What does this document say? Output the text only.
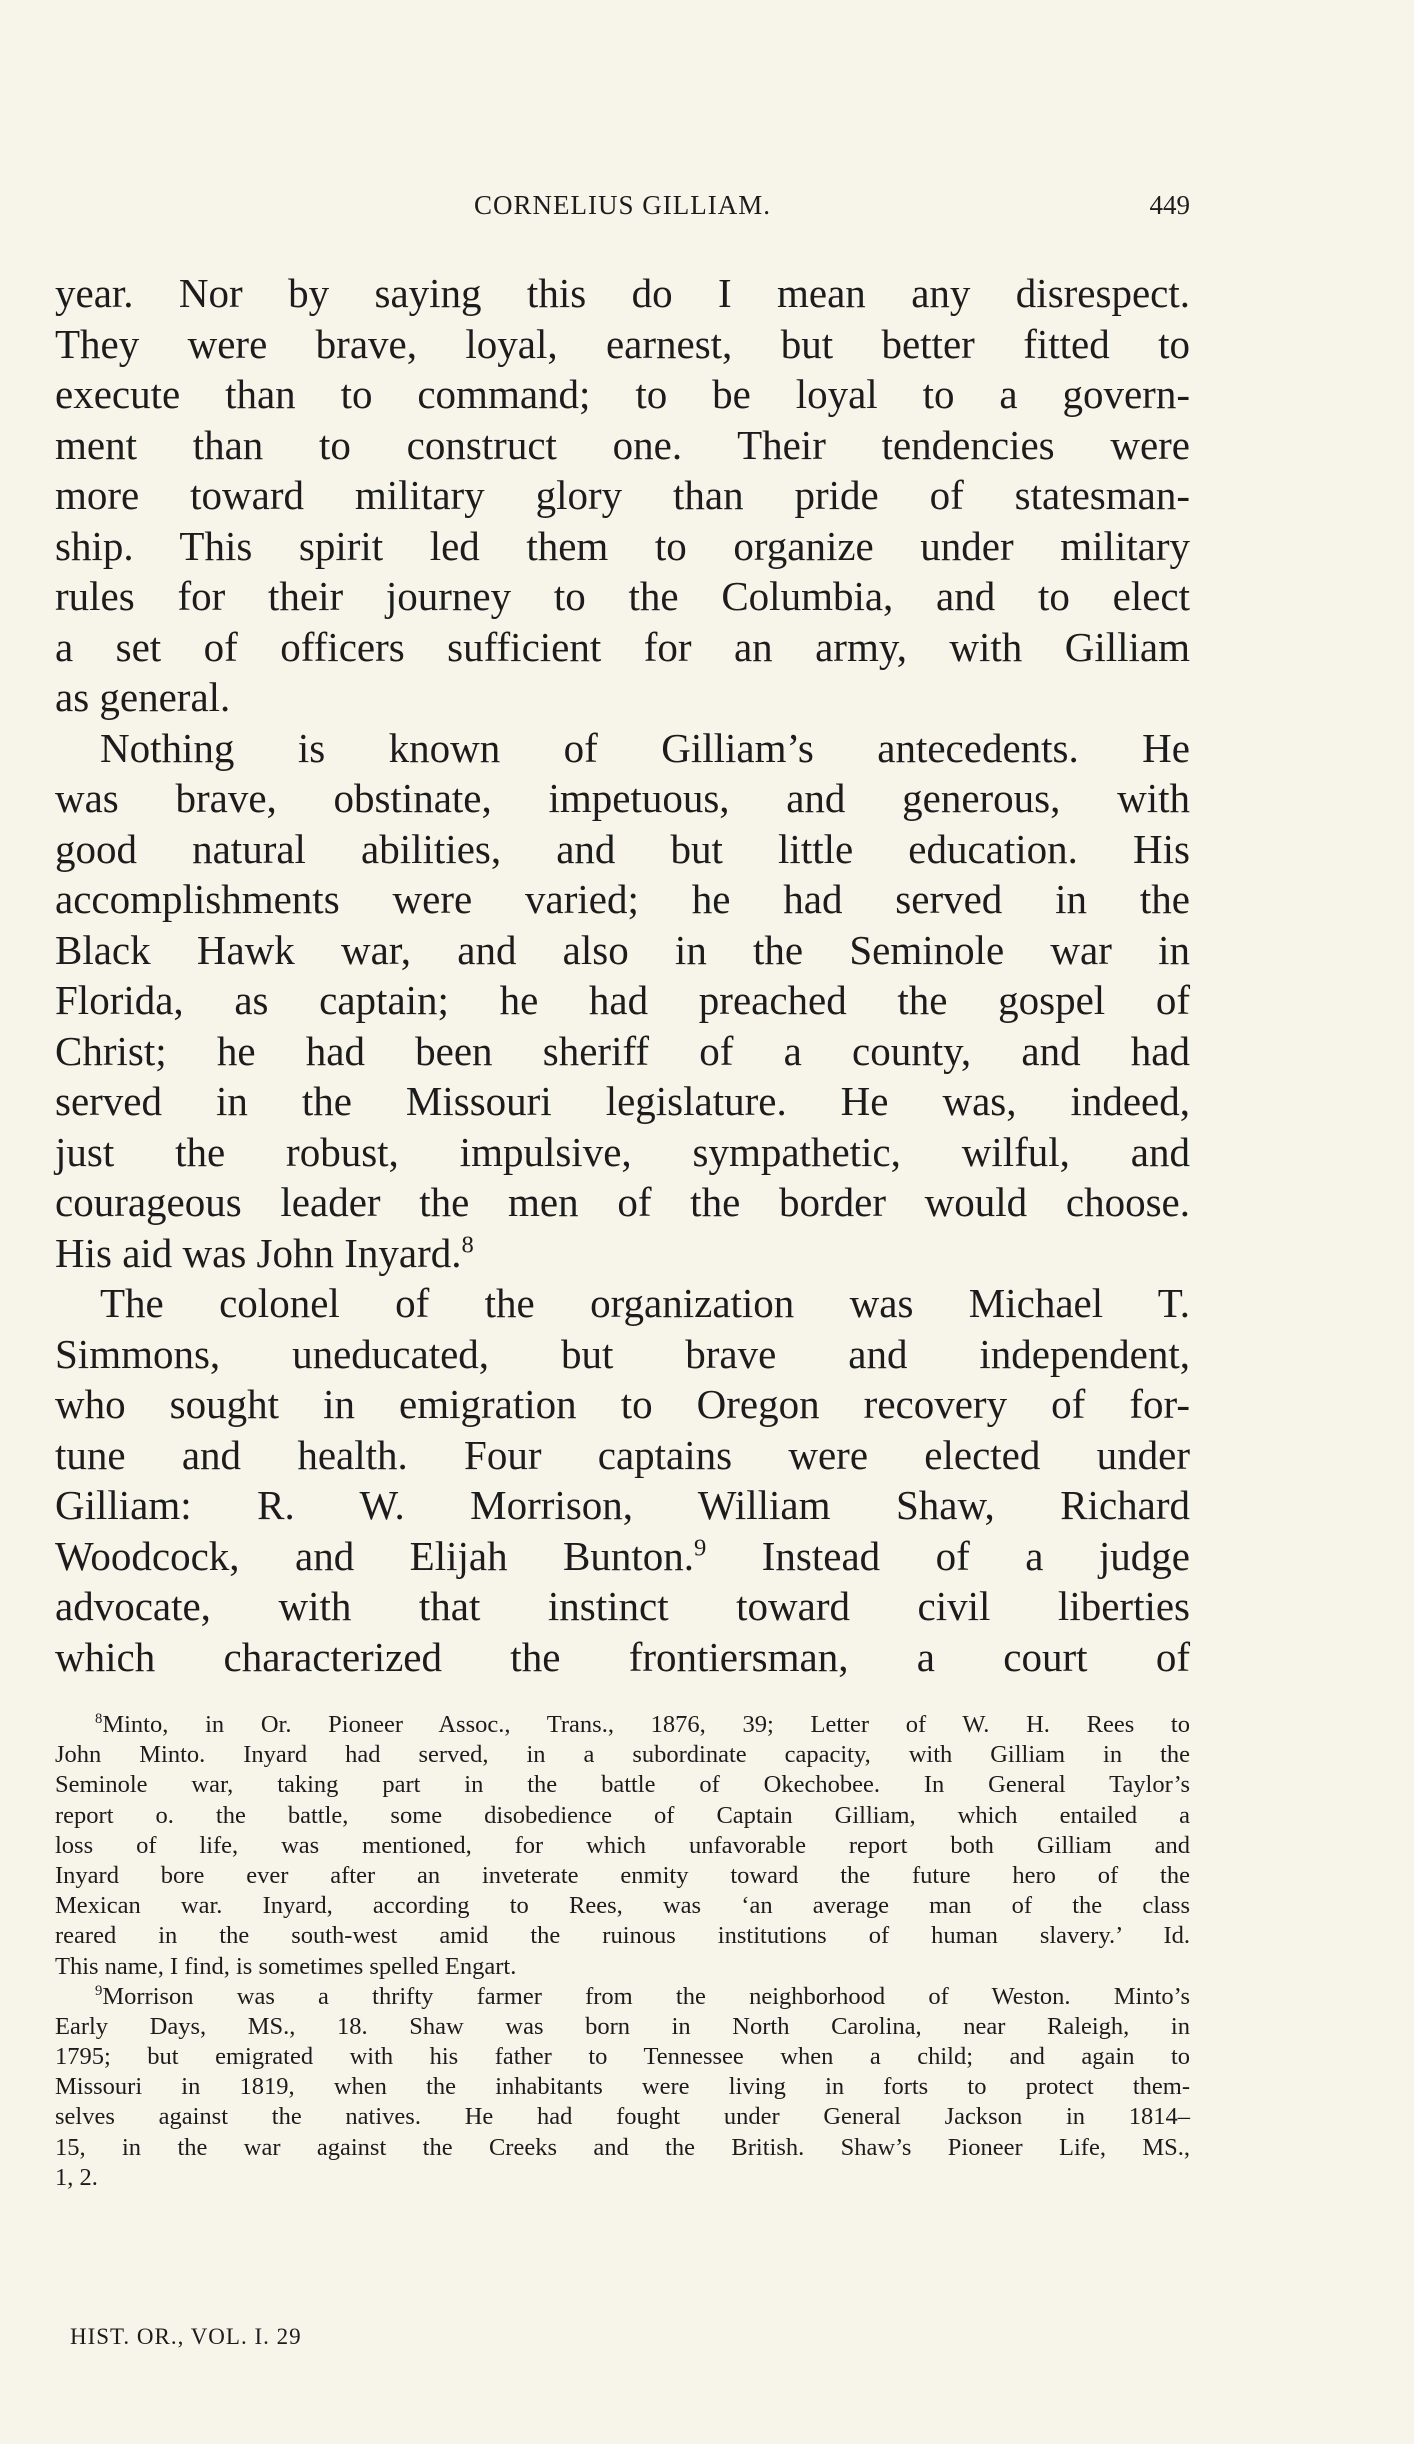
CORNELIUS GILLIAM.	449
year. Nor by saying this do I mean any disrespect.
They were brave, loyal, earnest, but better fitted to
execute than to command; to be loyal to a govern-
ment than to construct one. Their tendencies were
more toward military glory than pride of statesman-
ship. This spirit led them to organize under military
rules for their journey to the Columbia, and to elect
a set of officers sufficient for an army, with Gilliam
as general.
Nothing is known of Gilliam’s antecedents. He
was brave, obstinate, impetuous, and generous, with
good natural abilities, and but little education. His
accomplishments were varied; he had served in the
Black Hawk war, and also in the Seminole war in
Florida, as captain; he had preached the gospel of
Christ; he had been sheriff of a county, and had
served in the Missouri legislature. He was, indeed,
just the robust, impulsive, sympathetic, wilful, and
courageous leader the men of the border would choose.
His aid was John Inyard.$^8$
The colonel of the organization was Michael T.
Simmons, uneducated, but brave and independent,
who sought in emigration to Oregon recovery of for-
tune and health. Four captains were elected under
Gilliam: R. W. Morrison, William Shaw, Richard
Woodcock, and Elijah Bunton.$^9$ Instead of a judge
advocate, with that instinct toward civil liberties
which characterized the frontiersman, a court of
$^8$Minto, in Or. Pioneer Assoc., Trans., 1876, 39; Letter of W. H. Rees to
John Minto. Inyard had served, in a subordinate capacity, with Gilliam in the
Seminole war, taking part in the battle of Okechobee. In General Taylor’s
report o. the battle, some disobedience of Captain Gilliam, which entailed a
loss of life, was mentioned, for which unfavorable report both Gilliam and
Inyard bore ever after an inveterate enmity toward the future hero of the
Mexican war. Inyard, according to Rees, was ‘an average man of the class
reared in the south-west amid the ruinous institutions of human slavery.’ Id.
This name, I find, is sometimes spelled Engart.
$^9$Morrison was a thrifty farmer from the neighborhood of Weston. Minto’s
Early Days, MS., 18. Shaw was born in North Carolina, near Raleigh, in
1795; but emigrated with his father to Tennessee when a child; and again to
Missouri in 1819, when the inhabitants were living in forts to protect them-
selves against the natives. He had fought under General Jackson in 1814–
15, in the war against the Creeks and the British. Shaw’s Pioneer Life, MS.,
1, 2.
HIST. OR., VOL. I. 29
